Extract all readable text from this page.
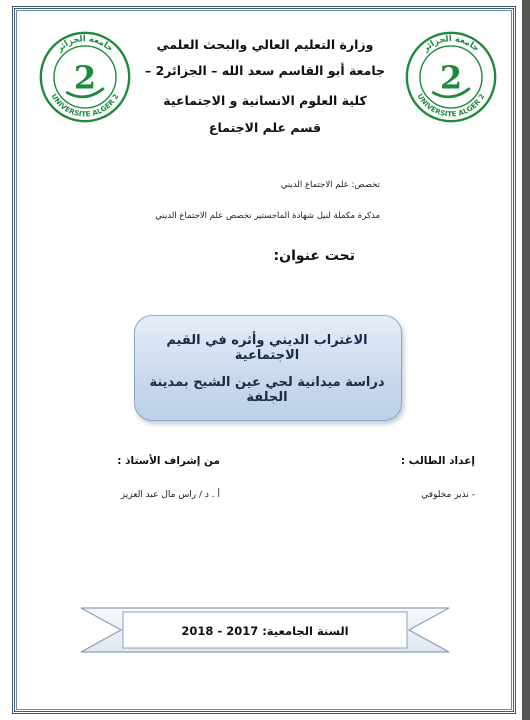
جامعة الجزائر
UNIVERSITE ALGER 2
2
جامعة الجزائر
UNIVERSITE ALGER 2
2
وزارة التعليم العالي والبحث العلمي
جامعة أبو القاسم سعد الله – الجزائر2 –
كلية العلوم الانسانية و الاجتماعية
قسم علم الاجتماع
تخصص: علم الاجتماع الديني
مذكرة مكملة لنيل شهادة الماجستير تخصص علم الاجتماع الديني
تحت عنوان:
الاغتراب الديني وأثره في القيم الاجتماعية
دراسة ميدانية لحي عين الشيح بمدينة الجلفة
إعداد الطالب :
من إشراف الأستاذ :
- نذير مخلوفي
أ . د / راس مال عبد العزيز
السنة الجامعية: 2017 - 2018
